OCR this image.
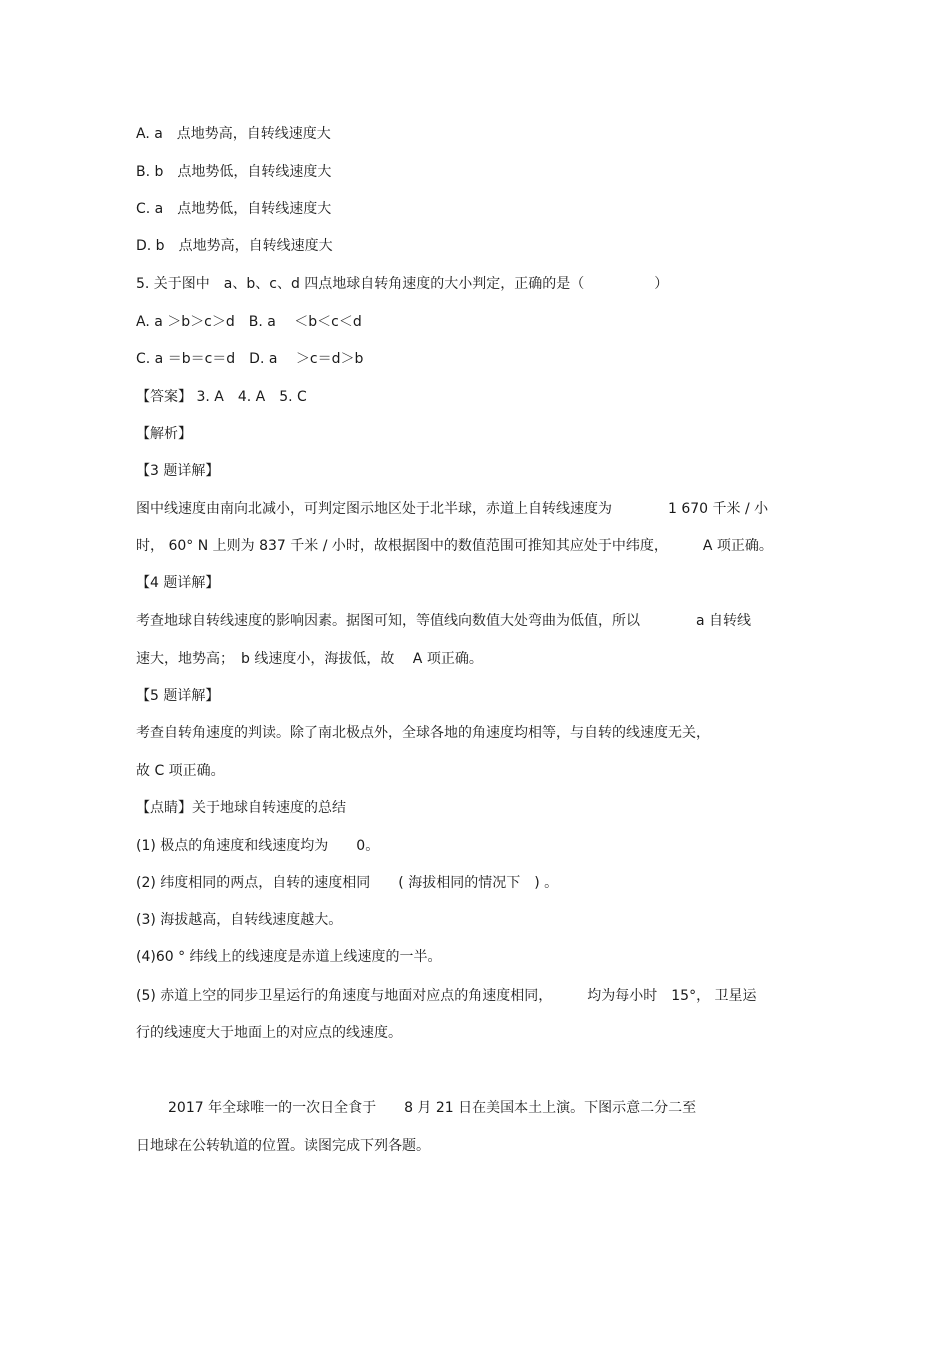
A. a　点地势高，自转线速度大
B. b　点地势低，自转线速度大
C. a　点地势低，自转线速度大
D. b　点地势高，自转线速度大
5. 关于图中　a、b、c、d 四点地球自转角速度的大小判定，正确的是（　　　　　）
A. a ＞b＞c＞d　B. a　 ＜b＜c＜d
C. a ＝b＝c＝d　D. a　 ＞c＝d＞b
【答案】 3. A　4. A　5. C
【解析】
【3 题详解】
图中线速度由南向北减小，可判定图示地区处于北半球，赤道上自转线速度为　　　　1 670 千米 / 小
时， 60° N 上则为 837 千米 / 小时，故根据图中的数值范围可推知其应处于中纬度，　　　A 项正确。
【4 题详解】
考查地球自转线速度的影响因素。据图可知，等值线向数值大处弯曲为低值，所以　　　　a 自转线
速大，地势高；　b 线速度小，海拔低，故　 A 项正确。
【5 题详解】
考查自转角速度的判读。除了南北极点外，全球各地的角速度均相等，与自转的线速度无关，
故 C 项正确。
【点睛】关于地球自转速度的总结
(1) 极点的角速度和线速度均为　　0。
(2) 纬度相同的两点，自转的速度相同　　( 海拔相同的情况下　) 。
(3) 海拔越高，自转线速度越大。
(4)60 ° 纬线上的线速度是赤道上线速度的一半。
(5) 赤道上空的同步卫星运行的角速度与地面对应点的角速度相同，　　　均为每小时　15°， 卫星运
行的线速度大于地面上的对应点的线速度。
2017 年全球唯一的一次日全食于　　8 月 21 日在美国本土上演。下图示意二分二至
日地球在公转轨道的位置。读图完成下列各题。
